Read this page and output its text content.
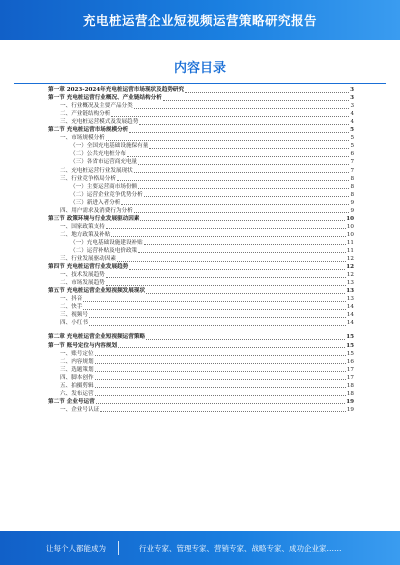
充电桩运营企业短视频运营策略研究报告
内容目录
第一章 2023-2024年充电桩运营市场现状及趋势研究	3
第一节 充电桩运营行业概况、产业链结构分析	3
一、行业概况及主要产品分类	3
二、产业链结构分析	4
三、充电桩运营模式及发展趋势	4
第二节 充电桩运营市场规模分析	5
一、市场规模分析	5
（一）全国充电基础设施保有量	5
（二）公共充电桩分布	6
（三）各省市运营商充电量	7
二、充电桩运营行业发展现状	7
三、行业竞争格局分析	8
（一）主要运营商市场份额	8
（二）运营企业竞争优势分析	8
（三）新进入者分析	9
四、用户需求及消费行为分析	9
第三节 政策环境与行业发展驱动因素	10
一、国家政策支持	10
二、地方政策及补贴	10
（一）充电基础设施建设补贴	11
（二）运营补贴及电价政策	11
三、行业发展驱动因素	12
第四节 充电桩运营行业发展趋势	12
一、技术发展趋势	12
二、市场发展趋势	13
第五节 充电桩运营企业短视频发展现状	13
一、抖音	13
二、快手	14
三、视频号	14
四、小红书	14
第二章 充电桩运营企业短视频运营策略	15
第一节 账号定位与内容规划	15
一、账号定位	15
二、内容规划	16
三、选题策划	17
四、脚本创作	17
五、拍摄剪辑	18
六、发布运营	18
第二节 企业号运营	19
一、企业号认证	19
让每个人都能成为	行业专家、管理专家、营销专家、战略专家、成功企业家……
